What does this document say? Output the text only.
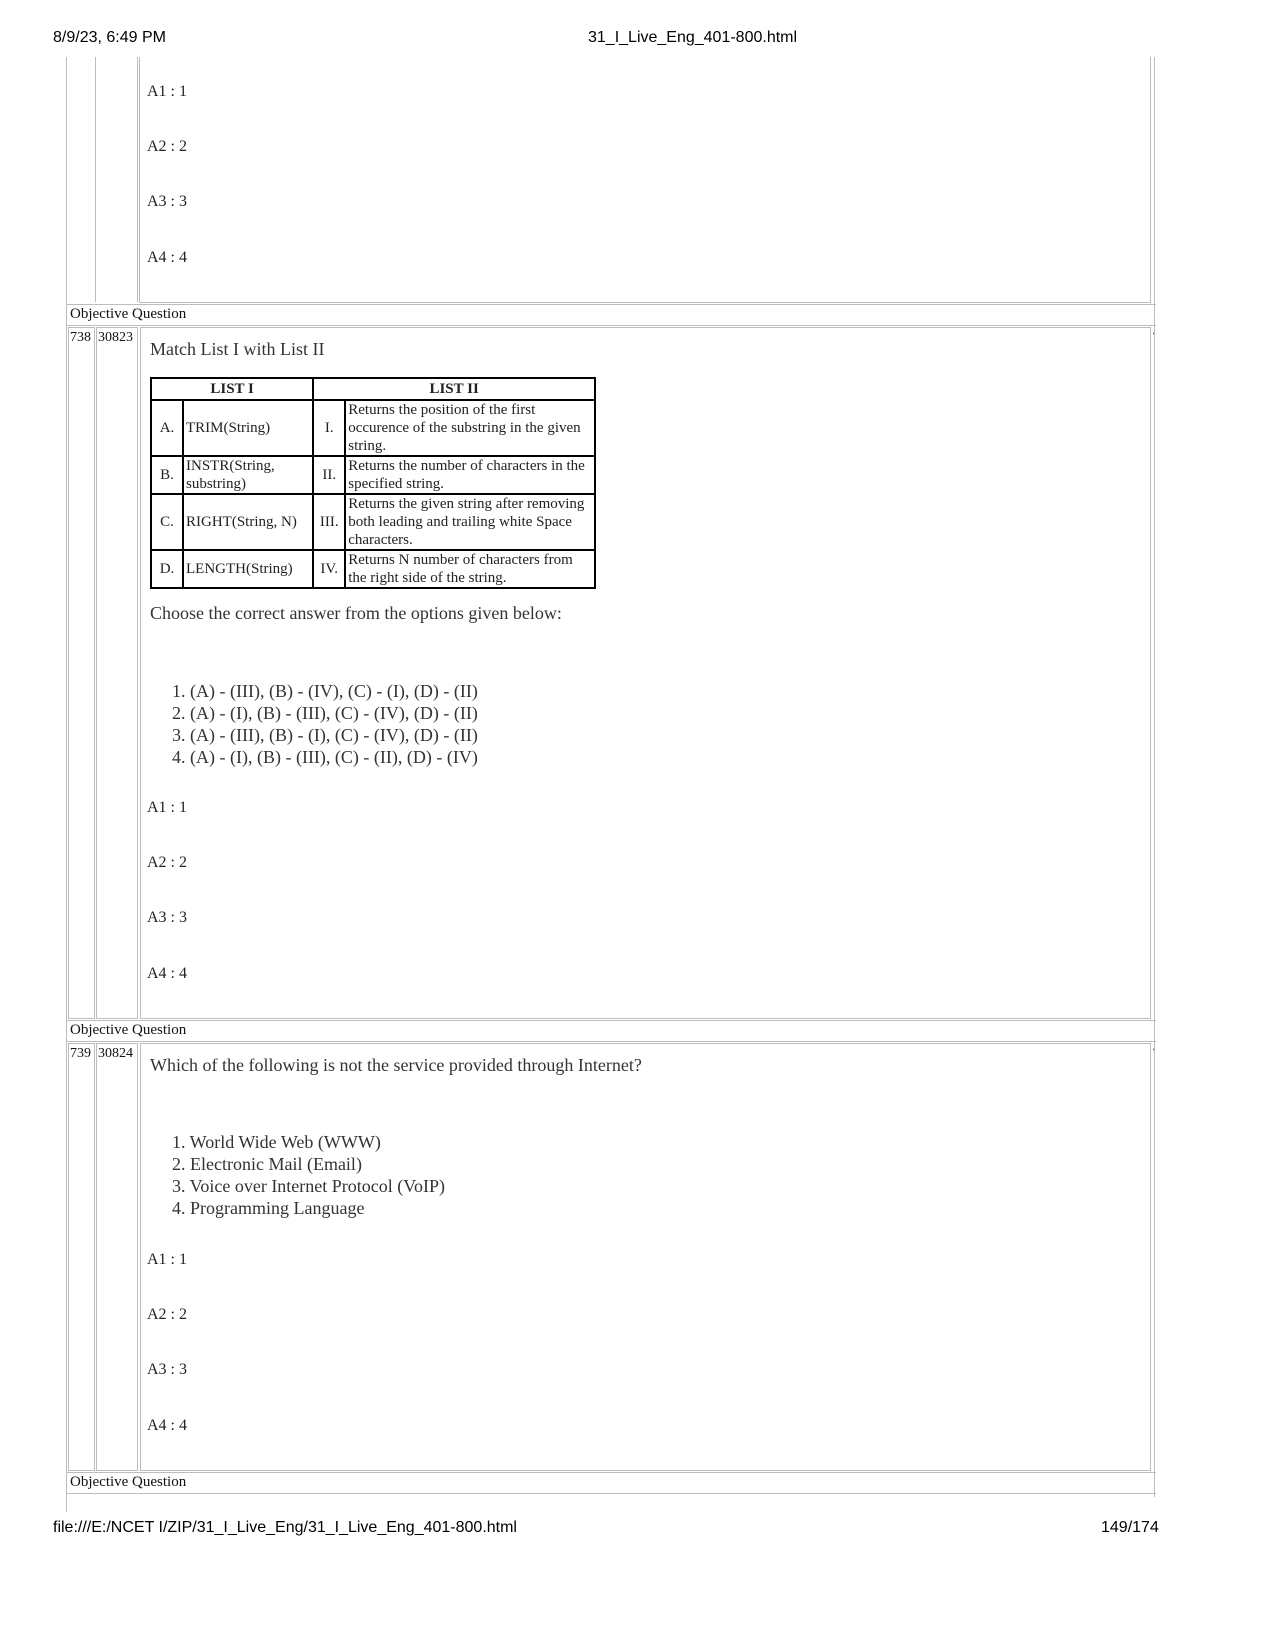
8/9/23, 6:49 PM	31_I_Live_Eng_401-800.html
A1 : 1
A2 : 2
A3 : 3
A4 : 4
Objective Question
738 30823	‘
Match List I with List II
LIST I		LIST II	
A.	TRIM(String)	I.	Returns the position of the first occurence of the substring in the given string.
B.	INSTR(String, substring)	II.	Returns the number of characters in the specified string.
C.	RIGHT(String, N)	III.	Returns the given string after removing both leading and trailing white Space characters.
D.	LENGTH(String)	IV.	Returns N number of characters from the right side of the string.
Choose the correct answer from the options given below:
1. (A) - (III), (B) - (IV), (C) - (I), (D) - (II)
2. (A) - (I), (B) - (III), (C) - (IV), (D) - (II)
3. (A) - (III), (B) - (I), (C) - (IV), (D) - (II)
4. (A) - (I), (B) - (III), (C) - (II), (D) - (IV)
A1 : 1
A2 : 2
A3 : 3
A4 : 4
Objective Question
739 30824	‘
Which of the following is not the service provided through Internet?
1. World Wide Web (WWW)
2. Electronic Mail (Email)
3. Voice over Internet Protocol (VoIP)
4. Programming Language
A1 : 1
A2 : 2
A3 : 3
A4 : 4
Objective Question
file:///E:/NCET I/ZIP/31_I_Live_Eng/31_I_Live_Eng_401-800.html	149/174
